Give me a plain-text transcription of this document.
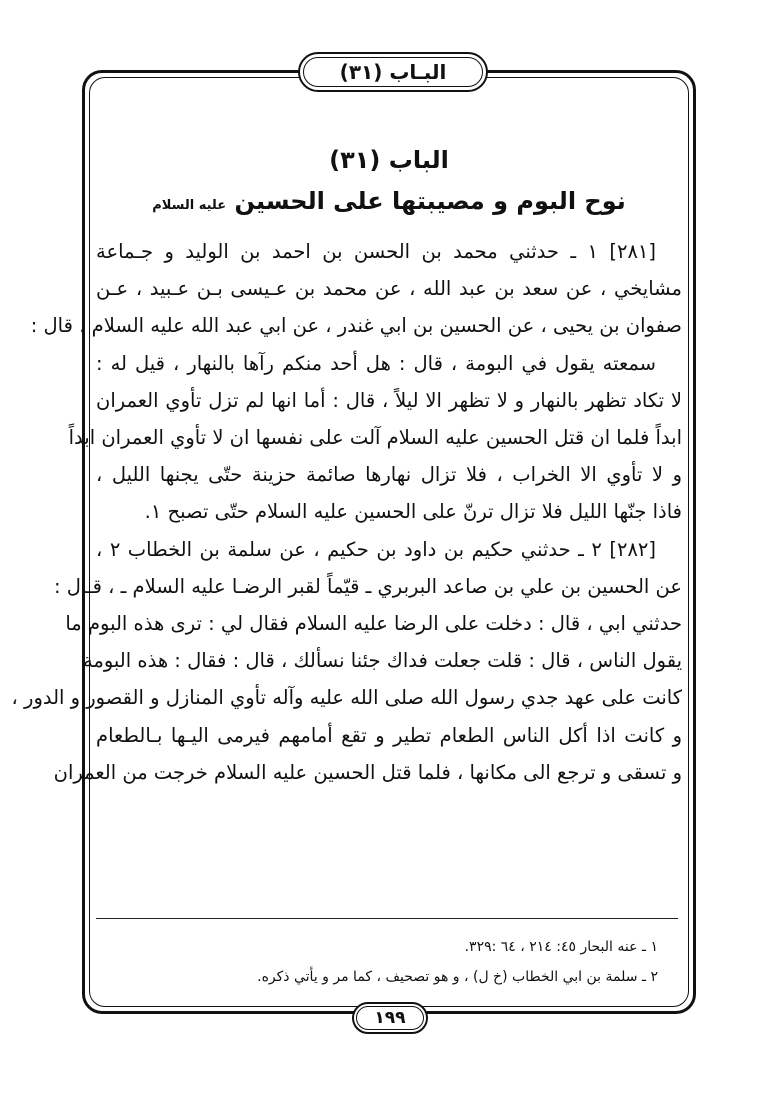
البـاب (٣١)
الباب (٣١)
نوح البوم و مصيبتها على الحسين عليه السلام
[٢٨١] ١ ـ حدثني محمد بن الحسن بن احمد بن الوليد و جـماعة
مشايخي ، عن سعد بن عبد الله ، عن محمد بن عـيسى بـن عـبيد ، عـن
صفوان بن يحيى ، عن الحسين بن ابي غندر ، عن ابي عبد الله عليه السلام ، قال :
سمعته يقول في البومة ، قال : هل أحد منكم رآها بالنهار ، قيل له :
لا تكاد تظهر بالنهار و لا تظهر الا ليلاً ، قال : أما انها لم تزل تأوي العمران
ابداً فلما ان قتل الحسين عليه السلام آلت على نفسها ان لا تأوي العمران ابداً
و لا تأوي الا الخراب ، فلا تزال نهارها صائمة حزينة حتّى يجنها الليل ،
فاذا جنّها الليل فلا تزال ترنّ على الحسين عليه السلام حتّى تصبح ١.
[٢٨٢] ٢ ـ حدثني حكيم بن داود بن حكيم ، عن سلمة بن الخطاب ٢ ،
عن الحسين بن علي بن صاعد البربري ـ قيّماً لقبر الرضـا عليه السلام ـ ، قـال :
حدثني ابي ، قال : دخلت على الرضا عليه السلام فقال لي : ترى هذه البوم ما
يقول الناس ، قال : قلت جعلت فداك جئنا نسألك ، قال : فقال : هذه البومة
كانت على عهد جدي رسول الله صلى الله عليه وآله تأوي المنازل و القصور و الدور ،
و كانت اذا أكل الناس الطعام تطير و تقع أمامهم فيرمى اليـها بـالطعام
و تسقى و ترجع الى مكانها ، فلما قتل الحسين عليه السلام خرجت من العمران
١ ـ عنه البحار ٤٥: ٢١٤ ، ٦٤ :٣٢٩.
٢ ـ سلمة بن ابي الخطاب (خ ل) ، و هو تصحيف ، كما مر و يأتي ذكره.
١٩٩
